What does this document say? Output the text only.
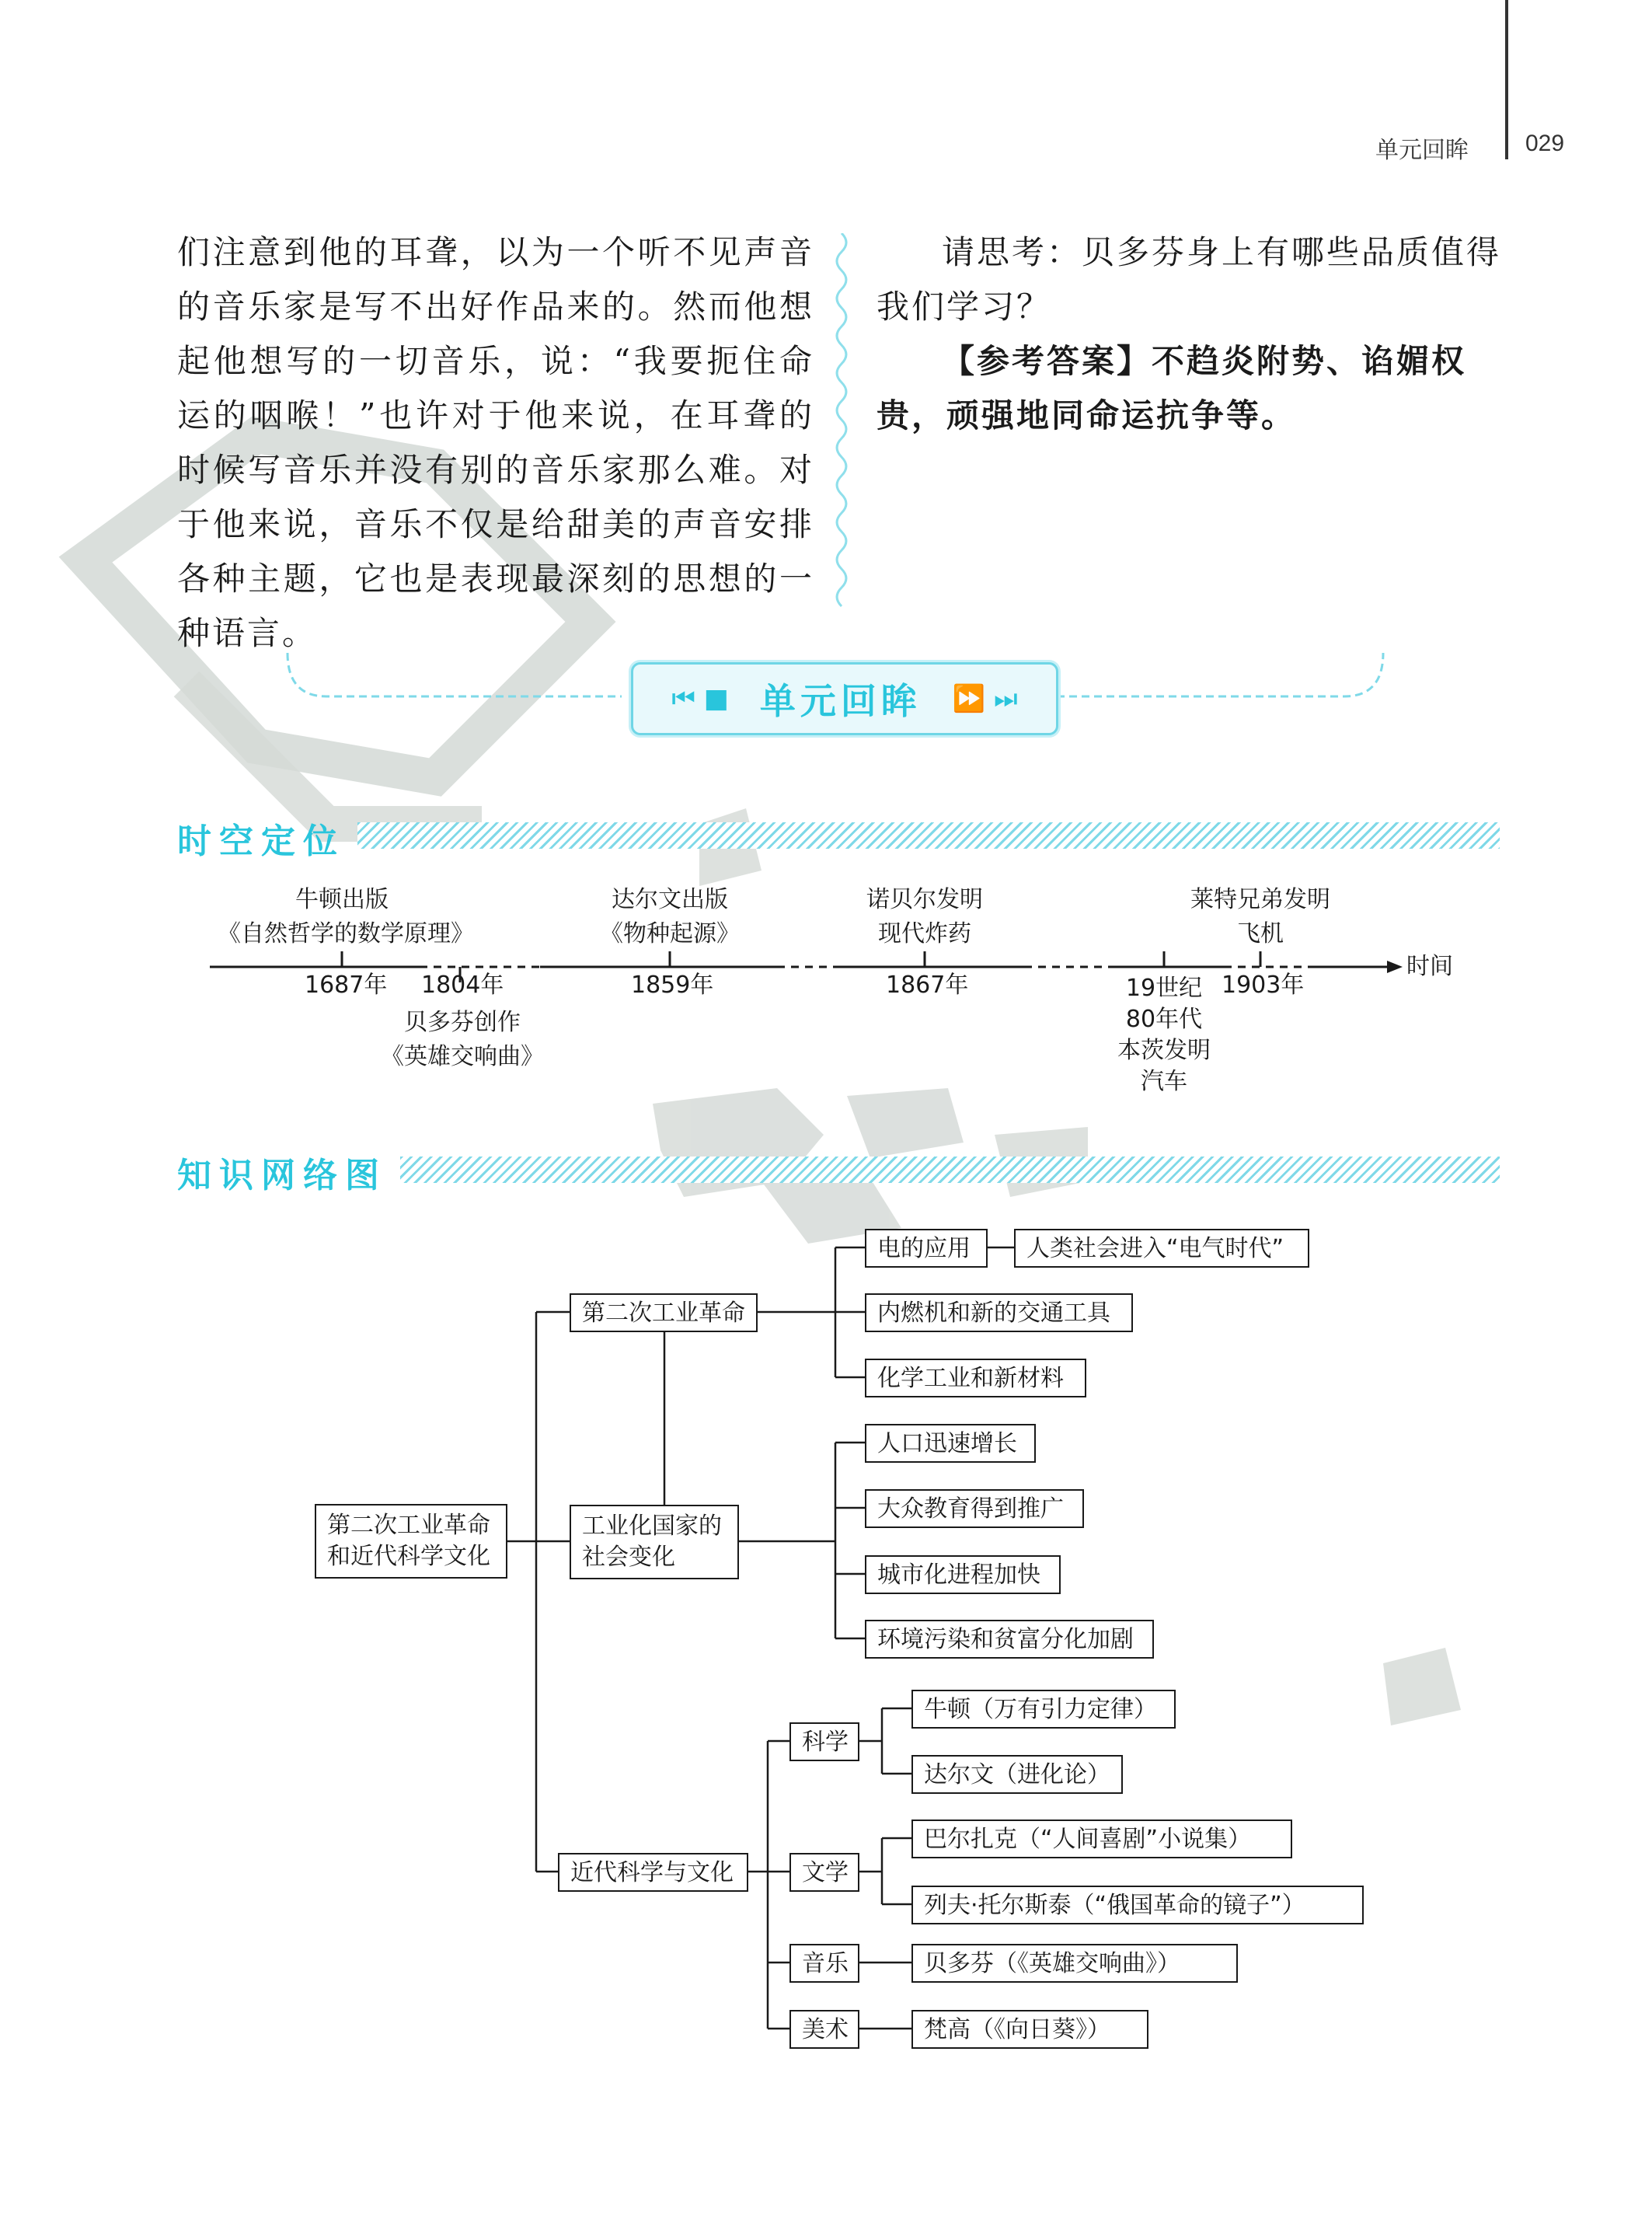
单元回眸 029

们注意到他的耳聋，以为一个听不见声音的音乐家是写不出好作品来的。然而他想起他想写的一切音乐，说：“我要扼住命运的咽喉！”也许对于他来说，在耳聋的时候写音乐并没有别的音乐家那么难。对于他来说，音乐不仅是给甜美的声音安排各种主题，它也是表现最深刻的思想的一种语言。

请思考：贝多芬身上有哪些品质值得我们学习？

【参考答案】不趋炎附势、谄媚权贵，顽强地同命运抗争等。

⏮ ■ 单元回眸 ⏩ ⏭
时空定位
时间
牛顿出版
《自然哲学的数学原理》
1687年 1804年
贝多芬创作
《英雄交响曲》
达尔文出版
《物种起源》
1859年
诺贝尔发明
现代炸药
1867年	19世纪
80年代
本茨发明
汽车
莱特兄弟发明
飞机
1903年
知识网络图
第二次工业革命
和近代科学文化
第二次工业革命
电的应用	人类社会进入“电气时代”
内燃机和新的交通工具
化学工业和新材料
工业化国家的
社会变化
人口迅速增长
大众教育得到推广
城市化进程加快
环境污染和贫富分化加剧
近代科学与文化
科学
牛顿（万有引力定律）
达尔文（进化论）
文学
巴尔扎克（“人间喜剧”小说集）
列夫·托尔斯泰（“俄国革命的镜子”）
音乐	贝多芬（《英雄交响曲》）
美术	梵高（《向日葵》）
